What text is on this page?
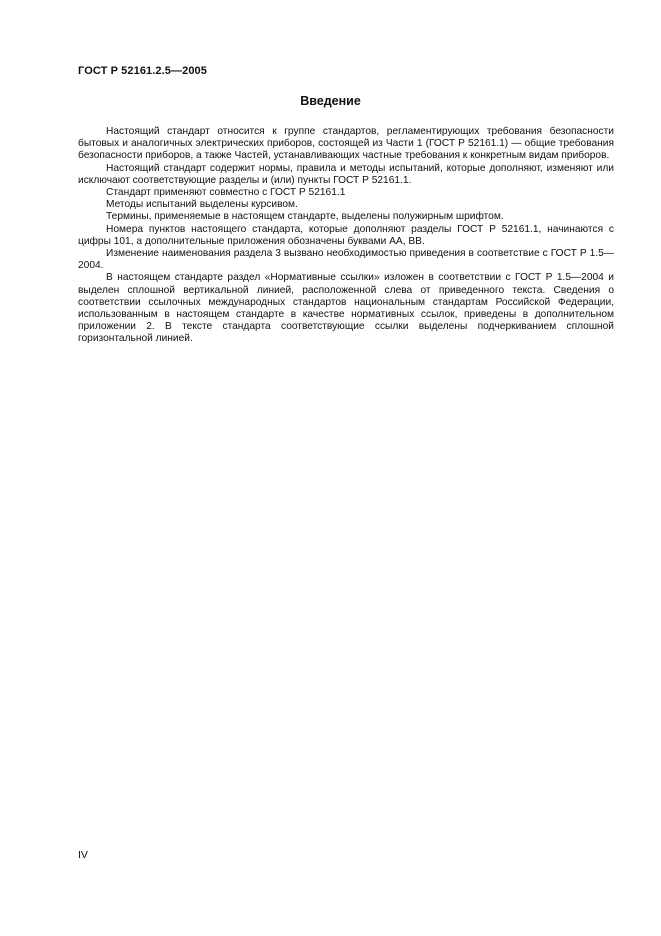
ГОСТ Р 52161.2.5—2005
Введение

Настоящий стандарт относится к группе стандартов, регламентирующих требования безопасности бытовых и аналогичных электрических приборов, состоящей из Части 1 (ГОСТ Р 52161.1) — общие требования безопасности приборов, а также Частей, устанавливающих частные требования к конкретным видам приборов.

Настоящий стандарт содержит нормы, правила и методы испытаний, которые дополняют, изменяют или исключают соответствующие разделы и (или) пункты ГОСТ Р 52161.1.

Стандарт применяют совместно с ГОСТ Р 52161.1

Методы испытаний выделены курсивом.

Термины, применяемые в настоящем стандарте, выделены полужирным шрифтом.

Номера пунктов настоящего стандарта, которые дополняют разделы ГОСТ Р 52161.1, начинаются с цифры 101, а дополнительные приложения обозначены буквами АА, ВВ.

Изменение наименования раздела 3 вызвано необходимостью приведения в соответствие с ГОСТ Р 1.5—2004.

В настоящем стандарте раздел «Нормативные ссылки» изложен в соответствии с ГОСТ Р 1.5—2004 и выделен сплошной вертикальной линией, расположенной слева от приведенного текста. Сведения о соответствии ссылочных международных стандартов национальным стандартам Российской Федерации, использованным в настоящем стандарте в качестве нормативных ссылок, приведены в дополнительном приложении 2. В тексте стандарта соответствующие ссылки выделены подчеркиванием сплошной горизонтальной линией.

IV
